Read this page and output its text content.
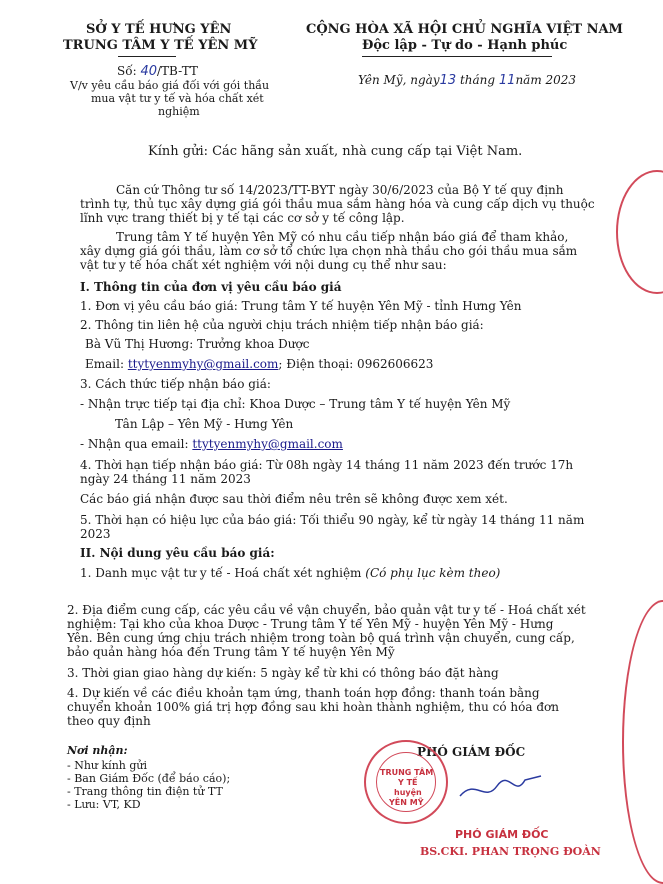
SỞ Y TẾ HƯNG YÊN
TRUNG TÂM Y TẾ YÊN MỸ
Số: 40/TB-TT
V/v yêu cầu báo giá đối với gói thầu
mua vật tư y tế và hóa chất xét
nghiệm
CỘNG HÒA XÃ HỘI CHỦ NGHĨA VIỆT NAM
Độc lập - Tự do - Hạnh phúc
Yên Mỹ, ngày13 tháng 11năm 2023
Kính gửi: Các hãng sản xuất, nhà cung cấp tại Việt Nam.
Căn cứ Thông tư số 14/2023/TT-BYT ngày 30/6/2023 của Bộ Y tế quy định
trình tự, thủ tục xây dựng giá gói thầu mua sắm hàng hóa và cung cấp dịch vụ thuộc
lĩnh vực trang thiết bị y tế tại các cơ sở y tế công lập.
Trung tâm Y tế huyện Yên Mỹ có nhu cầu tiếp nhận báo giá để tham khảo,
xây dựng giá gói thầu, làm cơ sở tổ chức lựa chọn nhà thầu cho gói thầu mua sắm
vật tư y tế hóa chất xét nghiệm với nội dung cụ thể như sau:
I. Thông tin của đơn vị yêu cầu báo giá
1. Đơn vị yêu cầu báo giá: Trung tâm Y tế huyện Yên Mỹ - tỉnh Hưng Yên
2. Thông tin liên hệ của người chịu trách nhiệm tiếp nhận báo giá:
Bà Vũ Thị Hương: Trưởng khoa Dược
Email: ttytyenmyhy@gmail.com; Điện thoại: 0962606623
3. Cách thức tiếp nhận báo giá:
- Nhận trực tiếp tại địa chỉ: Khoa Dược – Trung tâm Y tế huyện Yên Mỹ
Tân Lập – Yên Mỹ - Hưng Yên
- Nhận qua email: ttytyenmyhy@gmail.com
4. Thời hạn tiếp nhận báo giá: Từ 08h ngày 14 tháng 11 năm 2023 đến trước 17h
ngày 24 tháng 11 năm 2023
Các báo giá nhận được sau thời điểm nêu trên sẽ không được xem xét.
5. Thời hạn có hiệu lực của báo giá: Tối thiểu 90 ngày, kể từ ngày 14 tháng 11 năm
2023
II. Nội dung yêu cầu báo giá:
1. Danh mục vật tư y tế - Hoá chất xét nghiệm (Có phụ lục kèm theo)
2. Địa điểm cung cấp, các yêu cầu về vận chuyển, bảo quản vật tư y tế - Hoá chất xét
nghiệm: Tại kho của khoa Dược - Trung tâm Y tế Yên Mỹ - huyện Yên Mỹ - Hưng
Yên. Bên cung ứng chịu trách nhiệm trong toàn bộ quá trình vận chuyển, cung cấp,
bảo quản hàng hóa đến Trung tâm Y tế huyện Yên Mỹ
3. Thời gian giao hàng dự kiến: 5 ngày kể từ khi có thông báo đặt hàng
4. Dự kiến về các điều khoản tạm ứng, thanh toán hợp đồng: thanh toán bằng
chuyển khoản 100% giá trị hợp đồng sau khi hoàn thành nghiệm, thu có hóa đơn
theo quy định
Nơi nhận:
- Như kính gửi
- Ban Giám Đốc (để báo cáo);
- Trang thông tin điện tử TT
- Lưu: VT, KD
PHÓ GIÁM ĐỐC
TRUNG TÂM
Y TẾ
huyện
YÊN MỸ
PHÓ GIÁM ĐỐC
BS.CKI. PHAN TRỌNG ĐOÀN
